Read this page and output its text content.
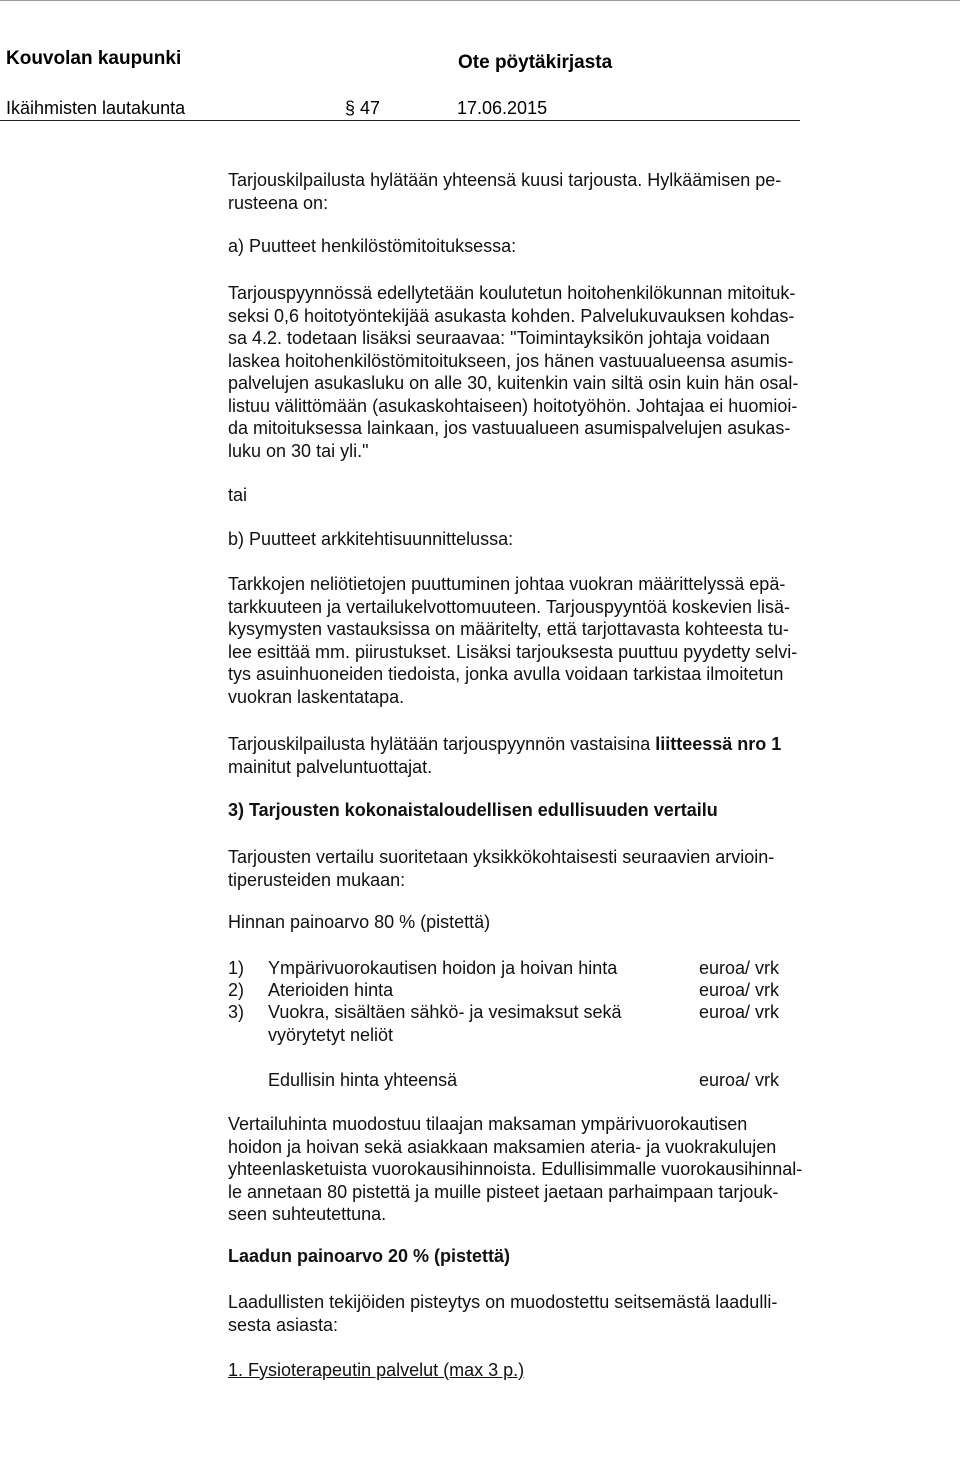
Kouvolan kaupunki	Ote pöytäkirjasta
Ikäihmisten lautakunta	§ 47	17.06.2015
Tarjouskilpailusta hylätään yhteensä kuusi tarjousta. Hylkäämisen pe-
rusteena on:
a) Puutteet henkilöstömitoituksessa:
Tarjouspyynnössä edellytetään koulutetun hoitohenkilökunnan mitoituk-
seksi 0,6 hoitotyöntekijää asukasta kohden. Palvelukuvauksen kohdas-
sa 4.2. todetaan lisäksi seuraavaa: "Toimintayksikön johtaja voidaan
laskea hoitohenkilöstömitoitukseen, jos hänen vastuualueensa asumis-
palvelujen asukasluku on alle 30, kuitenkin vain siltä osin kuin hän osal-
listuu välittömään (asukaskohtaiseen) hoitotyöhön. Johtajaa ei huomioi-
da mitoituksessa lainkaan, jos vastuualueen asumispalvelujen asukas-
luku on 30 tai yli."
tai
b) Puutteet arkkitehtisuunnittelussa:
Tarkkojen neliötietojen puuttuminen johtaa vuokran määrittelyssä epä-
tarkkuuteen ja vertailukelvottomuuteen. Tarjouspyyntöä koskevien lisä-
kysymysten vastauksissa on määritelty, että tarjottavasta kohteesta tu-
lee esittää mm. piirustukset. Lisäksi tarjouksesta puuttuu pyydetty selvi-
tys asuinhuoneiden tiedoista, jonka avulla voidaan tarkistaa ilmoitetun
vuokran laskentatapa.
Tarjouskilpailusta hylätään tarjouspyynnön vastaisina liitteessä nro 1
mainitut palveluntuottajat.
3) Tarjousten kokonaistaloudellisen edullisuuden vertailu
Tarjousten vertailu suoritetaan yksikkökohtaisesti seuraavien arvioin-
tiperusteiden mukaan:
Hinnan painoarvo 80 % (pistettä)
1) Ympärivuorokautisen hoidon ja hoivan hinta	euroa/ vrk
2) Aterioiden hinta	euroa/ vrk
3) Vuokra, sisältäen sähkö- ja vesimaksut sekä	euroa/ vrk
vyörytetyt neliöt
Edullisin hinta yhteensä	euroa/ vrk
Vertailuhinta muodostuu tilaajan maksaman ympärivuorokautisen
hoidon ja hoivan sekä asiakkaan maksamien ateria- ja vuokrakulujen
yhteenlasketuista vuorokausihinnoista. Edullisimmalle vuorokausihinnal-
le annetaan 80 pistettä ja muille pisteet jaetaan parhaimpaan tarjouk-
seen suhteutettuna.
Laadun painoarvo 20 % (pistettä)
Laadullisten tekijöiden pisteytys on muodostettu seitsemästä laadulli-
sesta asiasta:
1. Fysioterapeutin palvelut (max 3 p.)
